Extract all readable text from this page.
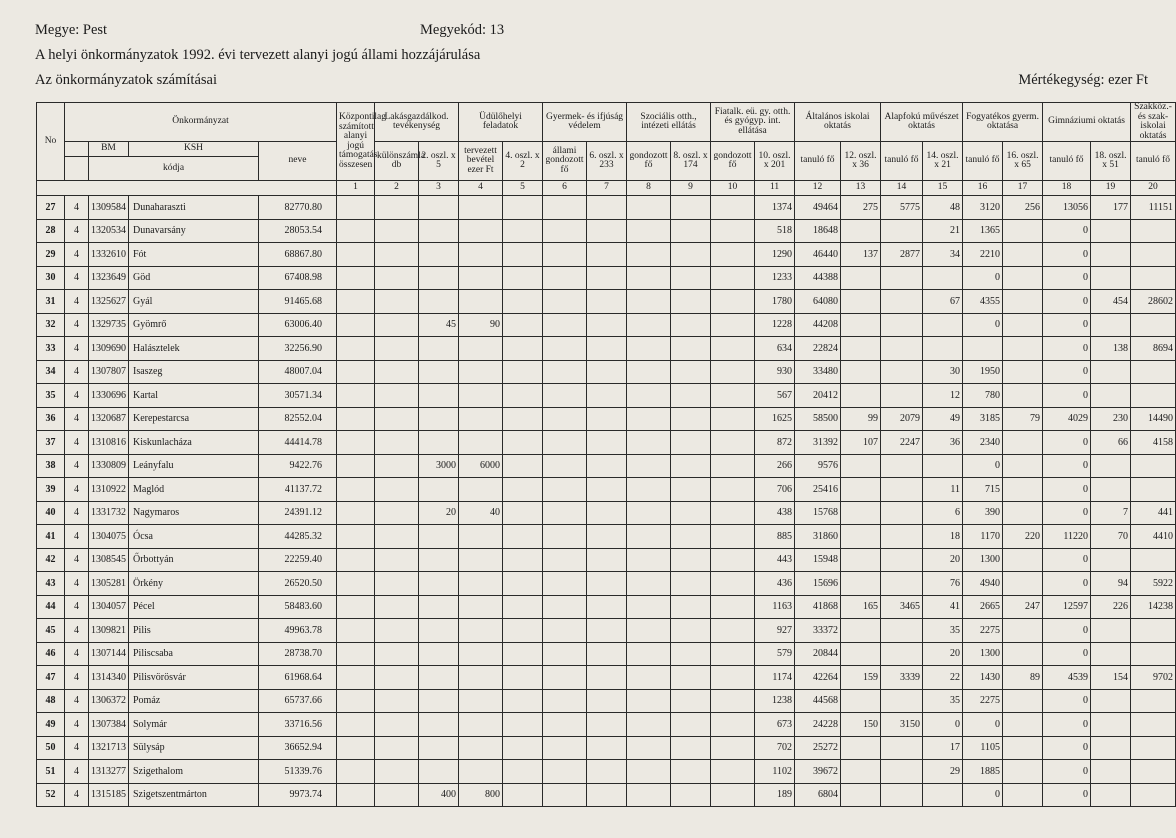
Megye: Pest	Megyekód: 13
A helyi önkormányzatok 1992. évi tervezett alanyi jogú állami hozzájárulása
Az önkormányzatok számításai	Mértékegység: ezer Ft
No	Önkormányzat				Központilag számított alanyi jogú támogatás összesen	Lakásgazdálkod. tevékenység		Üdülőhelyi feladatok		Gyermek- és ifjúság védelem		Szociális otth., intézeti ellátás		Fiatalk. eü. gy. otth. és gyógyp. int. ellátása		Általános iskolai oktatás		Alapfokú művészet oktatás		Fogyatékos gyerm. oktatása		Gimnáziumi oktatás		Szakköz.- és szak-iskolai oktatás	
		BM	KSH	neve		különszámla db	2. oszl. x 5	tervezett bevétel ezer Ft	4. oszl. x 2	állami gondozott fő	6. oszl. x 233	gondozott fő	8. oszl. x 174	gondozott fő	10. oszl. x 201	tanuló fő	12. oszl. x 36	tanuló fő	14. oszl. x 21	tanuló fő	16. oszl. x 65	tanuló fő	18. oszl. x 51	tanuló fő	
		kódja																							
					1	2	3	4	5	6	7	8	9	10	11	12	13	14	15	16	17	18	19	20	
27	4	1309584	Dunaharaszti	82770.80											1374	49464	275	5775	48	3120	256	13056	177	11151	
28	4	1320534	Dunavarsány	28053.54											518	18648			21	1365		0			
29	4	1332610	Fót	68867.80											1290	46440	137	2877	34	2210		0			
30	4	1323649	Göd	67408.98											1233	44388				0		0			
31	4	1325627	Gyál	91465.68											1780	64080			67	4355		0	454	28602	
32	4	1329735	Gyömrő	63006.40			45	90							1228	44208				0		0			
33	4	1309690	Halásztelek	32256.90											634	22824						0	138	8694	
34	4	1307807	Isaszeg	48007.04											930	33480			30	1950		0			
35	4	1330696	Kartal	30571.34											567	20412			12	780		0			
36	4	1320687	Kerepestarcsa	82552.04											1625	58500	99	2079	49	3185	79	4029	230	14490	
37	4	1310816	Kiskunlacháza	44414.78											872	31392	107	2247	36	2340		0	66	4158	
38	4	1330809	Leányfalu	9422.76			3000	6000							266	9576				0		0			
39	4	1310922	Maglód	41137.72											706	25416			11	715		0			
40	4	1331732	Nagymaros	24391.12			20	40							438	15768			6	390		0	7	441	
41	4	1304075	Ócsa	44285.32											885	31860			18	1170	220	11220	70	4410	
42	4	1308545	Őrbottyán	22259.40											443	15948			20	1300		0			
43	4	1305281	Örkény	26520.50											436	15696			76	4940		0	94	5922	
44	4	1304057	Pécel	58483.60											1163	41868	165	3465	41	2665	247	12597	226	14238	
45	4	1309821	Pilis	49963.78											927	33372			35	2275		0			
46	4	1307144	Piliscsaba	28738.70											579	20844			20	1300		0			
47	4	1314340	Pilisvörösvár	61968.64											1174	42264	159	3339	22	1430	89	4539	154	9702	
48	4	1306372	Pomáz	65737.66											1238	44568			35	2275		0			
49	4	1307384	Solymár	33716.56											673	24228	150	3150	0	0		0			
50	4	1321713	Sülysáp	36652.94											702	25272			17	1105		0			
51	4	1313277	Szigethalom	51339.76											1102	39672			29	1885		0			
52	4	1315185	Szigetszentmárton	9973.74			400	800							189	6804				0		0			
